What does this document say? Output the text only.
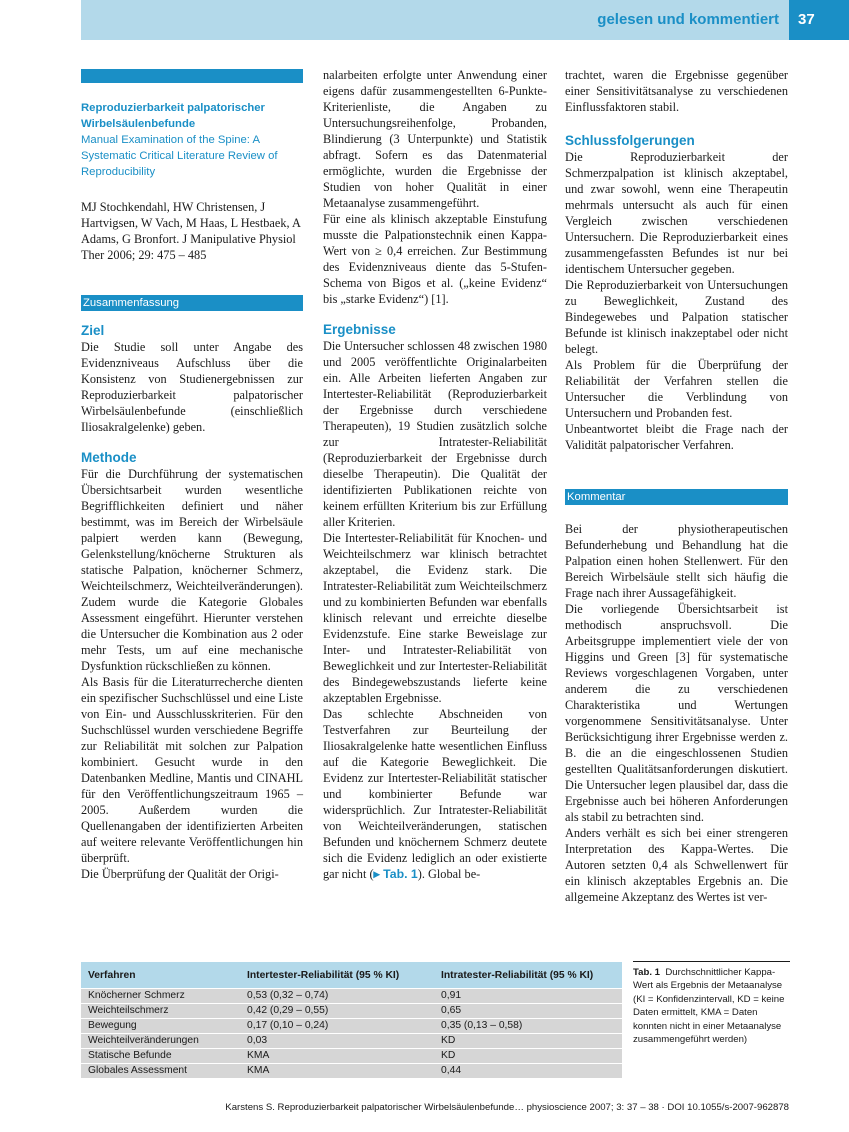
gelesen und kommentiert	37
Reproduzierbarkeit palpatorischer Wirbelsäulenbefunde
Manual Examination of the Spine: A Systematic Critical Literature Review of Reproducibility

MJ Stochkendahl, HW Christensen, J Hartvigsen, W Vach, M Haas, L Hestbaek, A Adams, G Bronfort. J Manipulative Physiol Ther 2006; 29: 475 – 485

Zusammenfassung
Ziel

Die Studie soll unter Angabe des Evidenzniveaus Aufschluss über die Konsistenz von Studienergebnissen zur Reproduzierbarkeit palpatorischer Wirbelsäulenbefunde (einschließlich Iliosakralgelenke) geben.

Methode

Für die Durchführung der systematischen Übersichtsarbeit wurden wesentliche Begrifflichkeiten definiert und näher bestimmt, was im Bereich der Wirbelsäule palpiert werden kann (Bewegung, Gelenkstellung/knöcherne Strukturen als statische Palpation, knöcherner Schmerz, Weichteilschmerz, Weichteilveränderungen). Zudem wurde die Kategorie Globales Assessment eingeführt. Hierunter verstehen die Untersucher die Kombination aus 2 oder mehr Tests, um auf eine mechanische Dysfunktion rückschließen zu können.

Als Basis für die Literaturrecherche dienten ein spezifischer Suchschlüssel und eine Liste von Ein- und Ausschlusskriterien. Für den Suchschlüssel wurden verschiedene Begriffe zur Reliabilität mit solchen zur Palpation kombiniert. Gesucht wurde in den Datenbanken Medline, Mantis und CINAHL für den Veröffentlichungszeitraum 1965 – 2005. Außerdem wurden die Quellenangaben der identifizierten Arbeiten auf weitere relevante Veröffentlichungen hin überprüft.

Die Überprüfung der Qualität der Origi-

nalarbeiten erfolgte unter Anwendung einer eigens dafür zusammengestellten 6-Punkte-Kriterienliste, die Angaben zu Untersuchungsreihenfolge, Probanden, Blindierung (3 Unterpunkte) und Statistik abfragt. Sofern es das Datenmaterial ermöglichte, wurden die Ergebnisse der Studien von hoher Qualität in einer Metaanalyse zusammengeführt.

Für eine als klinisch akzeptable Einstufung musste die Palpationstechnik einen Kappa-Wert von ≥ 0,4 erreichen. Zur Bestimmung des Evidenzniveaus diente das 5-Stufen-Schema von Bigos et al. („keine Evidenz“ bis „starke Evidenz“) [1].

Ergebnisse

Die Untersucher schlossen 48 zwischen 1980 und 2005 veröffentlichte Originalarbeiten ein. Alle Arbeiten lieferten Angaben zur Intertester-Reliabilität (Reproduzierbarkeit der Ergebnisse durch verschiedene Therapeuten), 19 Studien zusätzlich solche zur Intratester-Reliabilität (Reproduzierbarkeit der Ergebnisse durch dieselbe Therapeutin). Die Qualität der identifizierten Publikationen reichte von keinem erfüllten Kriterium bis zur Erfüllung aller Kriterien.

Die Intertester-Reliabilität für Knochen- und Weichteilschmerz war klinisch betrachtet akzeptabel, die Evidenz stark. Die Intratester-Reliabilität zum Weichteilschmerz und zu kombinierten Befunden war ebenfalls klinisch relevant und erreichte dieselbe Evidenzstufe. Eine starke Beweislage zur Inter- und Intratester-Reliabilität von Beweglichkeit und zur Intertester-Reliabilität des Bindegewebszustands lieferte keine akzeptablen Ergebnisse.

Das schlechte Abschneiden von Testverfahren zur Beurteilung der Iliosakralgelenke hatte wesentlichen Einfluss auf die Kategorie Beweglichkeit. Die Evidenz zur Intertester-Reliabilität statischer und kombinierter Befunde war widersprüchlich. Zur Intratester-Reliabilität von Weichteilveränderungen, statischen Befunden und knöchernem Schmerz deutete sich die Evidenz lediglich an oder existierte gar nicht (▸ Tab. 1). Global be-

trachtet, waren die Ergebnisse gegenüber einer Sensitivitätsanalyse zu verschiedenen Einflussfaktoren stabil.

Schlussfolgerungen

Die Reproduzierbarkeit der Schmerzpalpation ist klinisch akzeptabel, und zwar sowohl, wenn eine Therapeutin mehrmals untersucht als auch für einen Vergleich zwischen verschiedenen Untersuchern. Die Reproduzierbarkeit eines zusammengefassten Befundes ist nur bei identischem Untersucher gegeben.

Die Reproduzierbarkeit von Untersuchungen zu Beweglichkeit, Zustand des Bindegewebes und Palpation statischer Befunde ist klinisch inakzeptabel oder nicht belegt.

Als Problem für die Überprüfung der Reliabilität der Verfahren stellen die Untersucher die Verblindung von Untersuchern und Probanden fest.

Unbeantwortet bleibt die Frage nach der Validität palpatorischer Verfahren.

Kommentar

Bei der physiotherapeutischen Befunderhebung und Behandlung hat die Palpation einen hohen Stellenwert. Für den Bereich Wirbelsäule stellt sich häufig die Frage nach ihrer Aussagefähigkeit.

Die vorliegende Übersichtsarbeit ist methodisch anspruchsvoll. Die Arbeitsgruppe implementiert viele der von Higgins und Green [3] für systematische Reviews vorgeschlagenen Vorgaben, unter anderem die zu verschiedenen Charakteristika und Wertungen vorgenommene Sensitivitätsanalyse. Unter Berücksichtigung ihrer Ergebnisse werden z. B. die an die eingeschlossenen Studien gestellten Qualitätsanforderungen diskutiert. Die Untersucher legen plausibel dar, dass die Ergebnisse auch bei höheren Anforderungen als stabil zu betrachten sind.

Anders verhält es sich bei einer strengeren Interpretation des Kappa-Wertes. Die Autoren setzten 0,4 als Schwellenwert für ein klinisch akzeptables Ergebnis an. Die allgemeine Akzeptanz des Wertes ist ver-

Verfahren	Intertester-Reliabilität (95 % KI)	Intratester-Reliabilität (95 % KI)
Knöcherner Schmerz	0,53 (0,32 – 0,74)	0,91
Weichteilschmerz	0,42 (0,29 – 0,55)	0,65
Bewegung	0,17 (0,10 – 0,24)	0,35 (0,13 – 0,58)
Weichteilveränderungen	0,03	KD
Statische Befunde	KMA	KD
Globales Assessment	KMA	0,44
Tab. 1 Durchschnittlicher Kappa-Wert als Ergebnis der Metaanalyse (KI = Konfidenzintervall, KD = keine Daten ermittelt, KMA = Daten konnten nicht in einer Metaanalyse zusammengeführt werden)
Karstens S. Reproduzierbarkeit palpatorischer Wirbelsäulenbefunde… physioscience 2007; 3: 37 – 38 · DOI 10.1055/s-2007-962878
